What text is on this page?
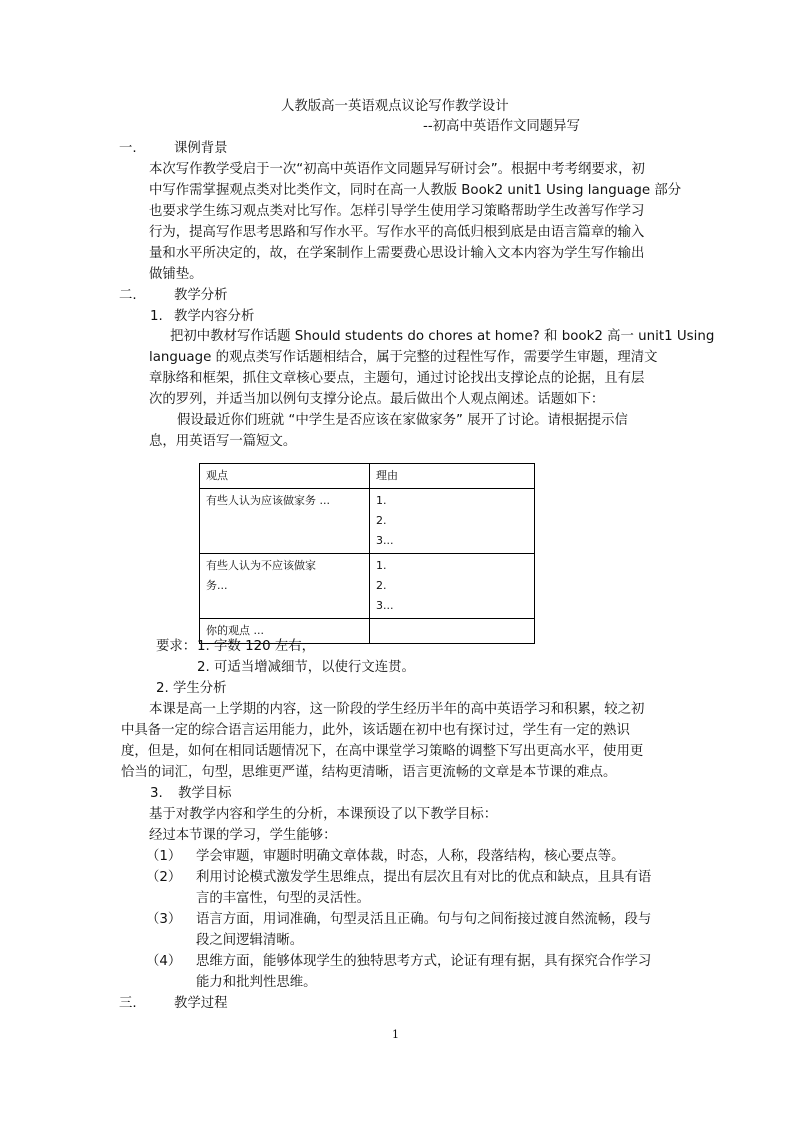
人教版高一英语观点议论写作教学设计
--初高中英语作文同题异写
一.	课例背景
本次写作教学受启于一次“初高中英语作文同题异写研讨会”。根据中考考纲要求，初
中写作需掌握观点类对比类作文，同时在高一人教版 Book2 unit1 Using language 部分
也要求学生练习观点类对比写作。怎样引导学生使用学习策略帮助学生改善写作学习
行为，提高写作思考思路和写作水平。写作水平的高低归根到底是由语言篇章的输入
量和水平所决定的，故，在学案制作上需要费心思设计输入文本内容为学生写作输出
做铺垫。
二.	教学分析
1. 教学内容分析
把初中教材写作话题 Should students do chores at home? 和 book2 高一 unit1 Using
language 的观点类写作话题相结合，属于完整的过程性写作，需要学生审题，理清文
章脉络和框架，抓住文章核心要点，主题句，通过讨论找出支撑论点的论据，且有层
次的罗列，并适当加以例句支撑分论点。最后做出个人观点阐述。话题如下：
假设最近你们班就 “中学生是否应该在家做家务” 展开了讨论。请根据提示信
息，用英语写一篇短文。
观点	理由

有些人认为应该做家务 ...	1.
2.
3...

有些人认为不应该做家
务...	1.
2.
3...

你的观点 ...	

要求： 1. 字数 120 左右，
2. 可适当增减细节，以使行文连贯。
2. 学生分析
本课是高一上学期的内容，这一阶段的学生经历半年的高中英语学习和积累，较之初
中具备一定的综合语言运用能力，此外，该话题在初中也有探讨过，学生有一定的熟识
度，但是，如何在相同话题情况下，在高中课堂学习策略的调整下写出更高水平，使用更
恰当的词汇，句型，思维更严谨，结构更清晰，语言更流畅的文章是本节课的难点。
3. 教学目标
基于对教学内容和学生的分析，本课预设了以下教学目标：
经过本节课的学习，学生能够：
（1） 学会审题，审题时明确文章体裁，时态，人称，段落结构，核心要点等。
（2） 利用讨论模式激发学生思维点，提出有层次且有对比的优点和缺点，且具有语
言的丰富性，句型的灵活性。
（3） 语言方面，用词准确，句型灵活且正确。句与句之间衔接过渡自然流畅，段与
段之间逻辑清晰。
（4） 思维方面，能够体现学生的独特思考方式，论证有理有据，具有探究合作学习
能力和批判性思维。
三.	教学过程
1
